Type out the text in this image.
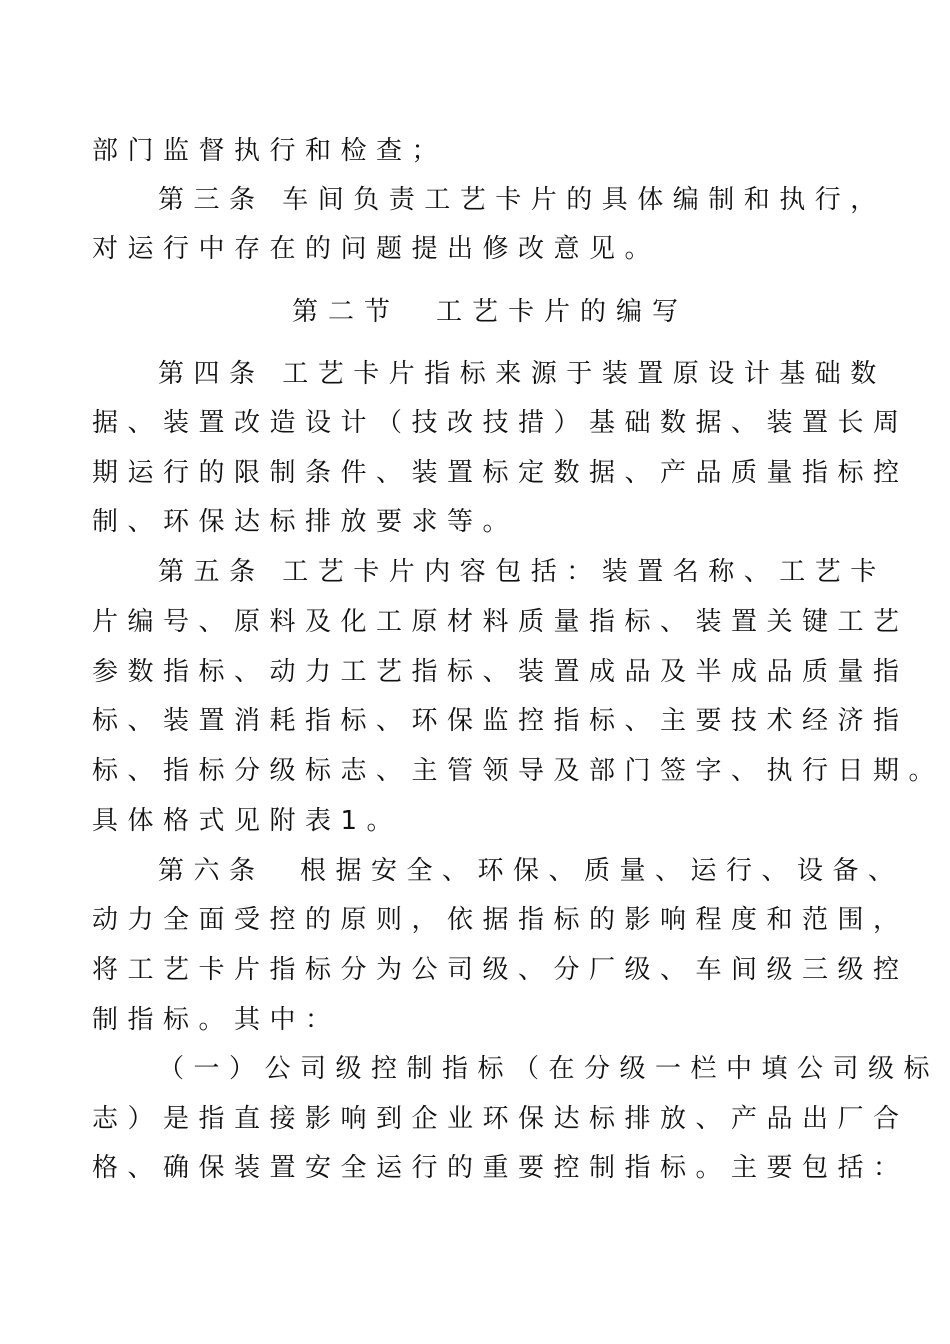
部门监督执行和检查；
第三条 车间负责工艺卡片的具体编制和执行，
对运行中存在的问题提出修改意见。
第二节　工艺卡片的编写
第四条 工艺卡片指标来源于装置原设计基础数
据、装置改造设计（技改技措）基础数据、装置长周
期运行的限制条件、装置标定数据、产品质量指标控
制、环保达标排放要求等。
第五条 工艺卡片内容包括：装置名称、工艺卡
片编号、原料及化工原材料质量指标、装置关键工艺
参数指标、动力工艺指标、装置成品及半成品质量指
标、装置消耗指标、环保监控指标、主要技术经济指
标、指标分级标志、主管领导及部门签字、执行日期。
具体格式见附表1。
第六条　根据安全、环保、质量、运行、设备、
动力全面受控的原则，依据指标的影响程度和范围，
将工艺卡片指标分为公司级、分厂级、车间级三级控
制指标。其中：
（一）公司级控制指标（在分级一栏中填公司级标
志）是指直接影响到企业环保达标排放、产品出厂合
格、确保装置安全运行的重要控制指标。主要包括：
